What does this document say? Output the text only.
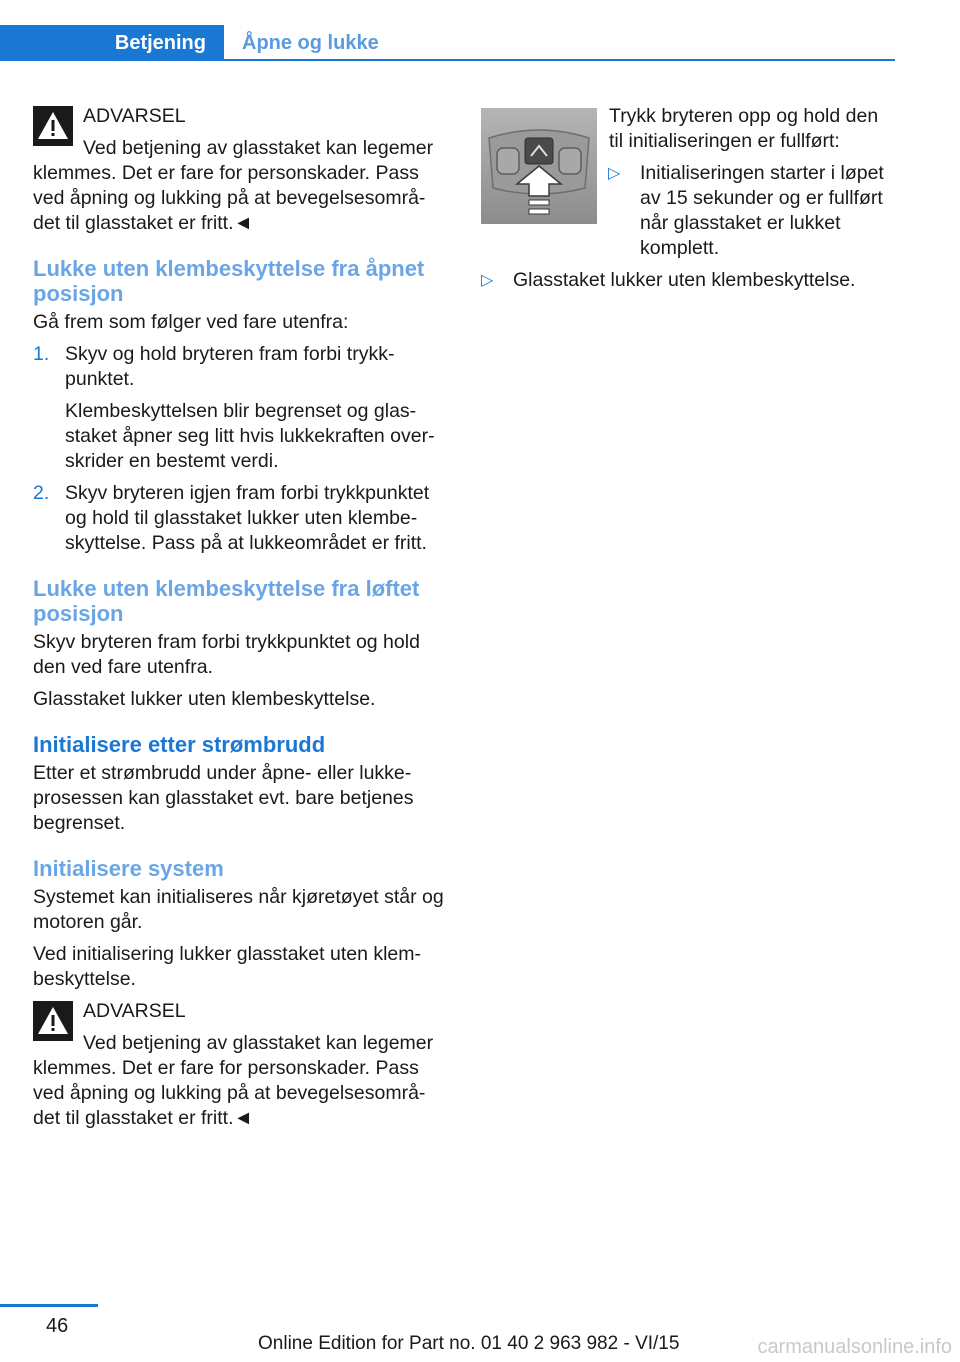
Betjening Åpne og lukke

ADVARSEL

Ved betjening av glasstaket kan legemer klemmes. Det er fare for personskader. Pass ved åpning og lukking på at bevegelsesområ-det til glasstaket er fritt.◄

Lukke uten klembeskyttelse fra åpnet posisjon

Gå frem som følger ved fare utenfra:

1. Skyv og hold bryteren fram forbi trykk-punktet.
Klembeskyttelsen blir begrenset og glas-staket åpner seg litt hvis lukkekraften over-skrider en bestemt verdi.
2. Skyv bryteren igjen fram forbi trykkpunktet og hold til glasstaket lukker uten klembe-skyttelse. Pass på at lukkeområdet er fritt.
Lukke uten klembeskyttelse fra løftet posisjon

Skyv bryteren fram forbi trykkpunktet og hold den ved fare utenfra.

Glasstaket lukker uten klembeskyttelse.

Initialisere etter strømbrudd

Etter et strømbrudd under åpne- eller lukke-prosessen kan glasstaket evt. bare betjenes begrenset.

Initialisere system

Systemet kan initialiseres når kjøretøyet står og motoren går.

Ved initialisering lukker glasstaket uten klem-beskyttelse.

ADVARSEL

Ved betjening av glasstaket kan legemer klemmes. Det er fare for personskader. Pass ved åpning og lukking på at bevegelsesområ-det til glasstaket er fritt.◄

Trykk bryteren opp og hold den til initialiseringen er fullført:

▷ Initialiseringen starter i løpet av 15 sekunder og er fullført når glasstaket er lukket komplett.
▷ Glasstaket lukker uten klembeskyttelse.
46
Online Edition for Part no. 01 40 2 963 982 - VI/15	carmanualsonline.info
